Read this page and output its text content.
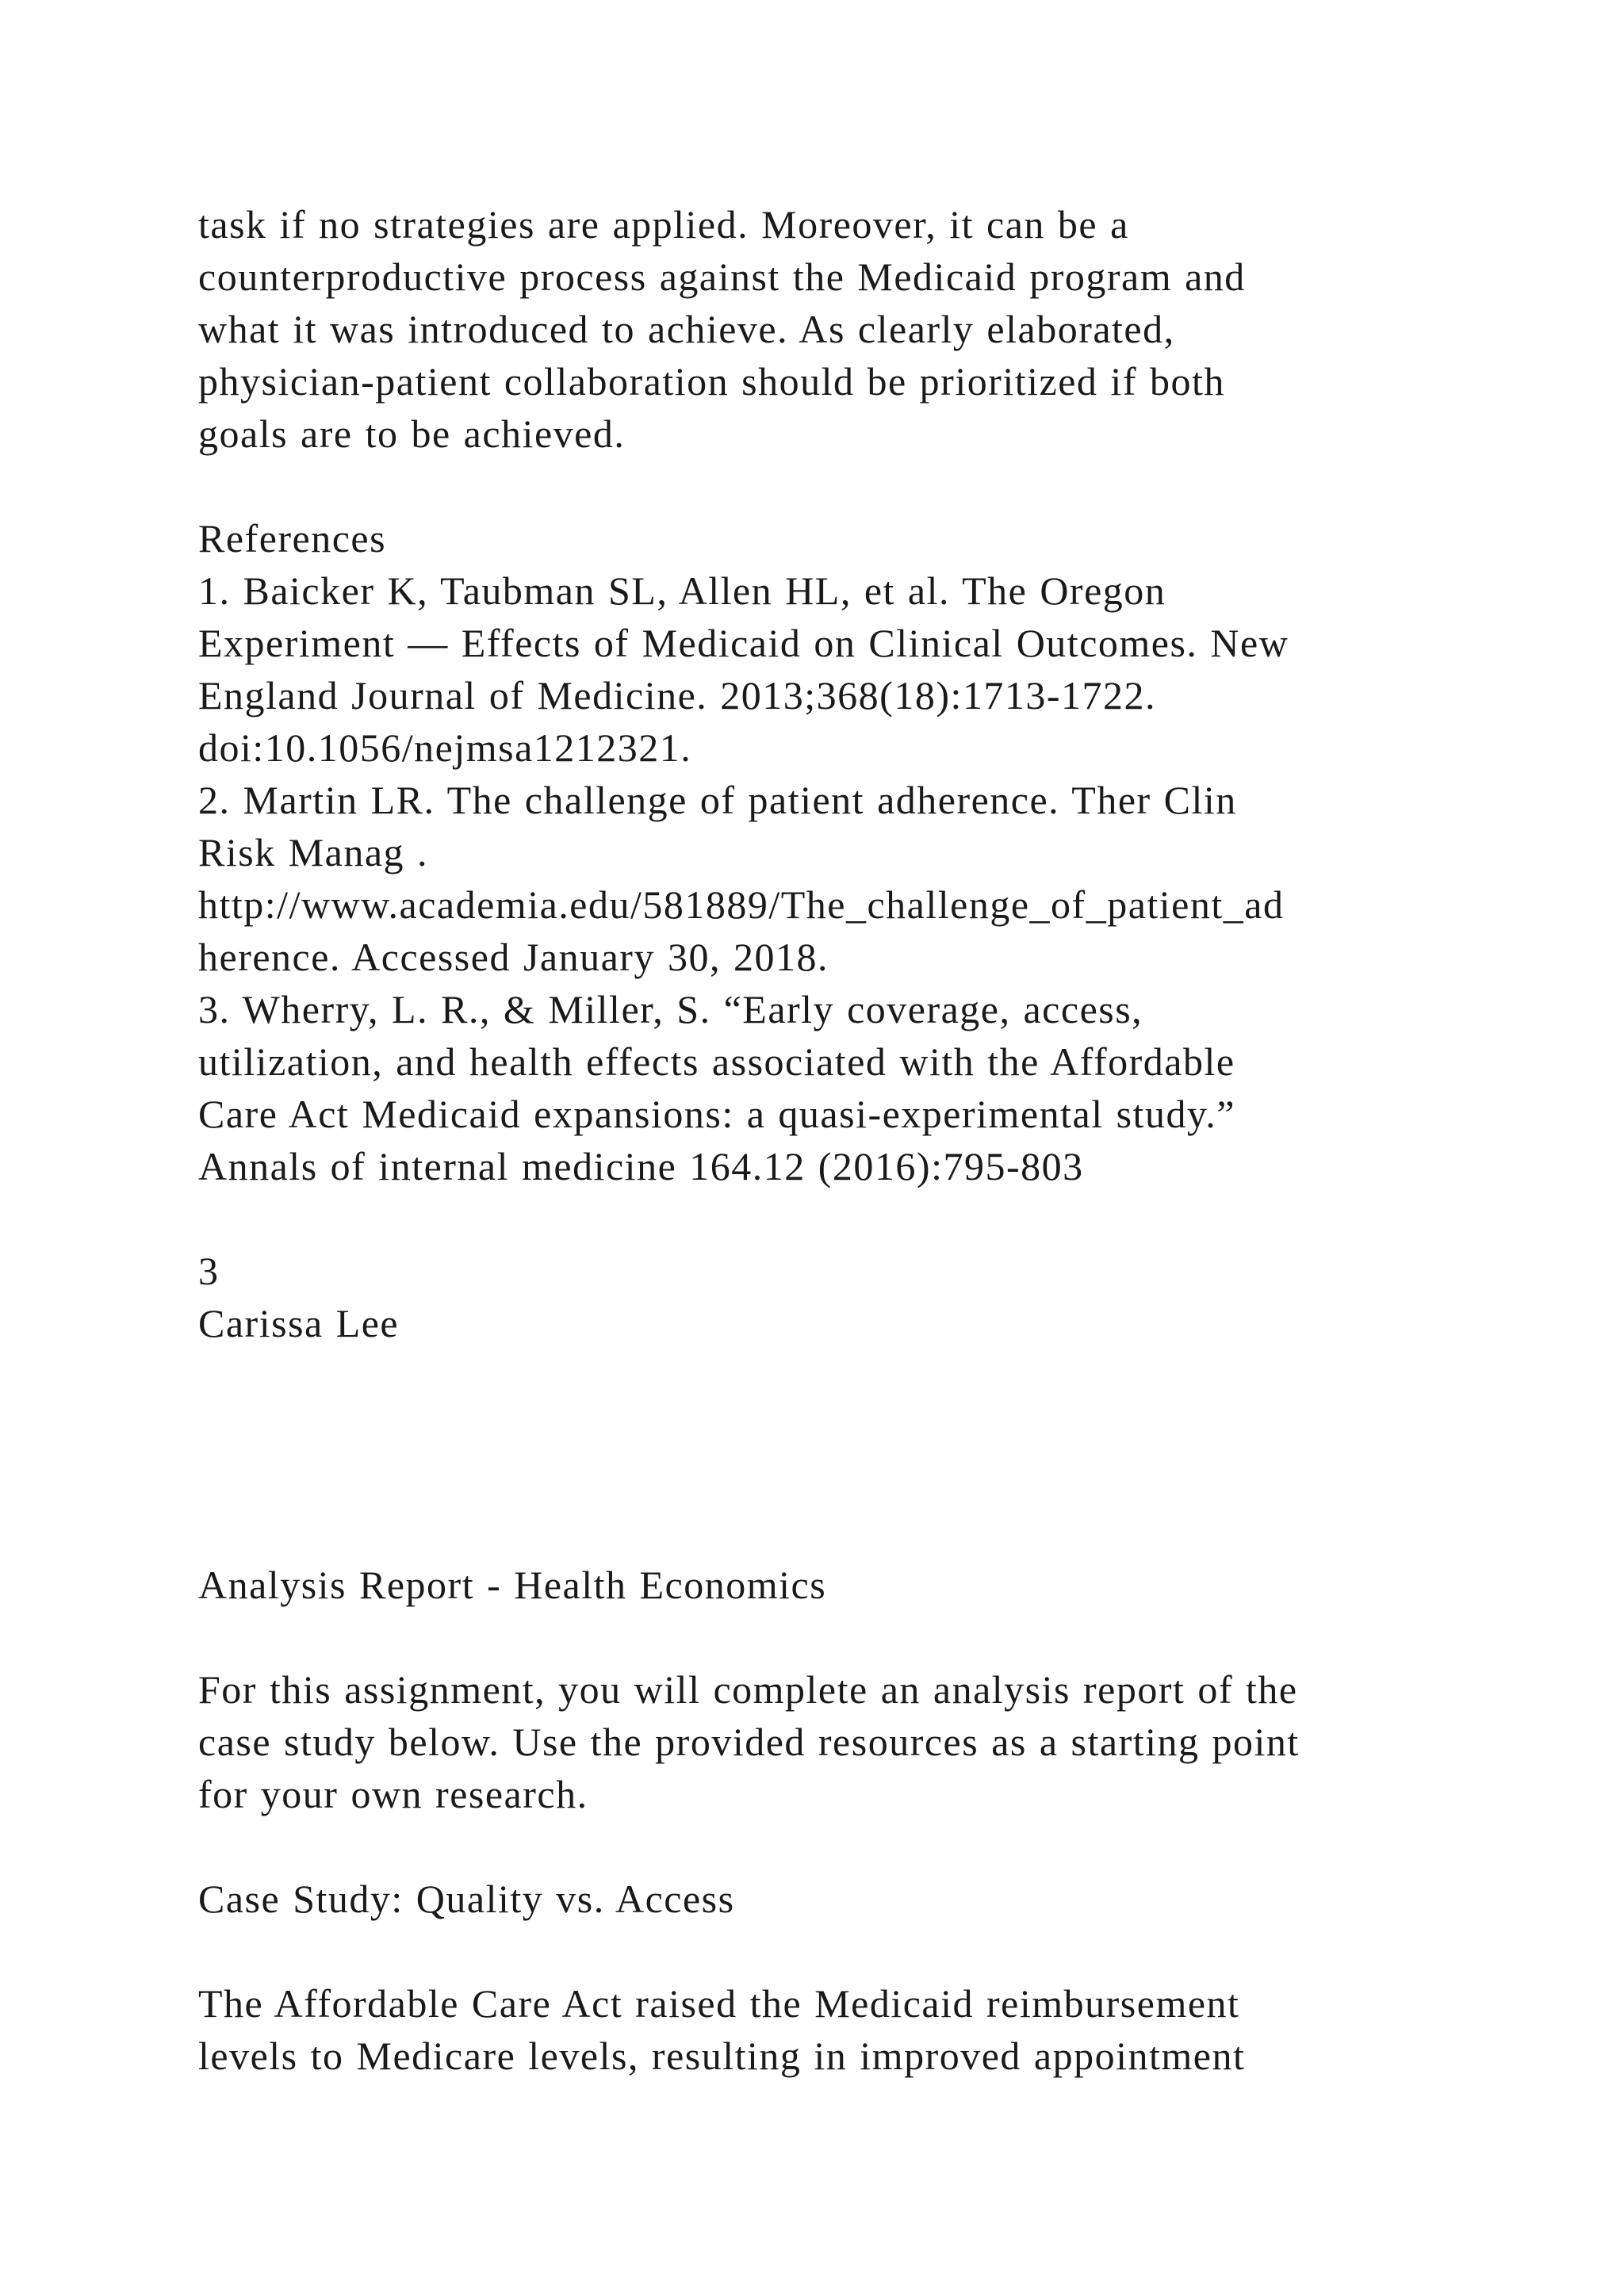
task if no strategies are applied. Moreover, it can be a
counterproductive process against the Medicaid program and
what it was introduced to achieve. As clearly elaborated,
physician-patient collaboration should be prioritized if both
goals are to be achieved.
References
1. Baicker K, Taubman SL, Allen HL, et al. The Oregon
Experiment — Effects of Medicaid on Clinical Outcomes. New
England Journal of Medicine. 2013;368(18):1713-1722.
doi:10.1056/nejmsa1212321.
2. Martin LR. The challenge of patient adherence. Ther Clin
Risk Manag .
http://www.academia.edu/581889/The_challenge_of_patient_ad
herence. Accessed January 30, 2018.
3. Wherry, L. R., & Miller, S. “Early coverage, access,
utilization, and health effects associated with the Affordable
Care Act Medicaid expansions: a quasi-experimental study.”
Annals of internal medicine 164.12 (2016):795-803
3
Carissa Lee
Analysis Report - Health Economics
For this assignment, you will complete an analysis report of the
case study below. Use the provided resources as a starting point
for your own research.
Case Study: Quality vs. Access
The Affordable Care Act raised the Medicaid reimbursement
levels to Medicare levels, resulting in improved appointment
